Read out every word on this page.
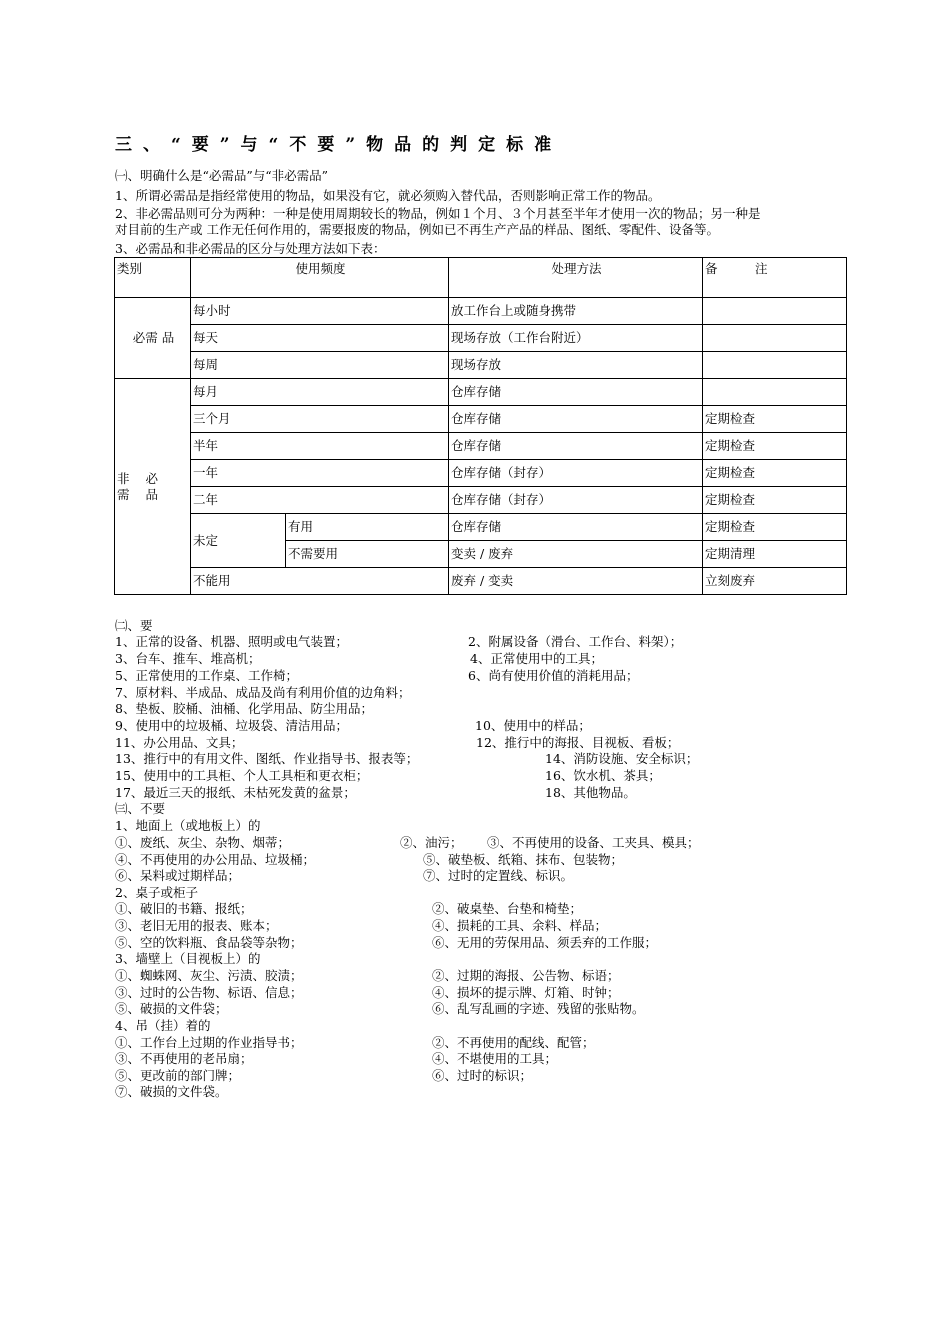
三、“要”与“不要”物品的判定标准
㈠、明确什么是“必需品”与“非必需品”
1、所谓必需品是指经常使用的物品，如果没有它，就必须购入替代品，否则影响正常工作的物品。
2、非必需品则可分为两种：一种是使用周期较长的物品，例如１个月、３个月甚至半年才使用一次的物品；另一种是
对目前的生产或 工作无任何作用的，需要报废的物品，例如已不再生产产品的样品、图纸、零配件、设备等。
3、必需品和非必需品的区分与处理方法如下表：
类别	使用频度		处理方法	备　　　注
必需 品	每小时		放工作台上或随身携带	
	每天		现场存放（工作台附近）	
	每周		现场存放	
非 必 需 品	每月		仓库存储	
	三个月		仓库存储	定期检查
	半年		仓库存储	定期检查
	一年		仓库存储（封存）	定期检查
	二年		仓库存储（封存）	定期检查
	未定	有用	仓库存储	定期检查
		不需要用	变卖 / 废弃	定期清理
	不能用		废弃 / 变卖	立刻废弃
㈡、要
1、正常的设备、机器、照明或电气装置；	2、附属设备（滑台、工作台、料架）；
3、台车、推车、堆高机；	4、正常使用中的工具；
5、正常使用的工作桌、工作椅；	6、尚有使用价值的消耗用品；
7、原材料、半成品、成品及尚有利用价值的边角料；
8、垫板、胶桶、油桶、化学用品、防尘用品；
9、使用中的垃圾桶、垃圾袋、清洁用品；	10、使用中的样品；
11、办公用品、文具；	12、推行中的海报、目视板、看板；
13、推行中的有用文件、图纸、作业指导书、报表等；	14、消防设施、安全标识；
15、使用中的工具柜、个人工具柜和更衣柜；	16、饮水机、茶具；
17、最近三天的报纸、未枯死发黄的盆景；	18、其他物品。
㈢、不要
1、地面上（或地板上）的
①、废纸、灰尘、杂物、烟蒂；	②、油污； ③、不再使用的设备、工夹具、模具；
④、不再使用的办公用品、垃圾桶；	⑤、破垫板、纸箱、抹布、包装物；
⑥、呆料或过期样品；	⑦、过时的定置线、标识。
2、桌子或柜子
①、破旧的书籍、报纸；	②、破桌垫、台垫和椅垫；
③、老旧无用的报表、账本；	④、损耗的工具、余料、样品；
⑤、空的饮料瓶、食品袋等杂物；	⑥、无用的劳保用品、须丢弃的工作服；
3、墙壁上（目视板上）的
①、蜘蛛网、灰尘、污渍、胶渍；	②、过期的海报、公告物、标语；
③、过时的公告物、标语、信息；	④、损坏的提示牌、灯箱、时钟；
⑤、破损的文件袋；	⑥、乱写乱画的字迹、残留的张贴物。
4、吊（挂）着的
①、工作台上过期的作业指导书；	②、不再使用的配线、配管；
③、不再使用的老吊扇；	④、不堪使用的工具；
⑤、更改前的部门牌；	⑥、过时的标识；
⑦、破损的文件袋。
